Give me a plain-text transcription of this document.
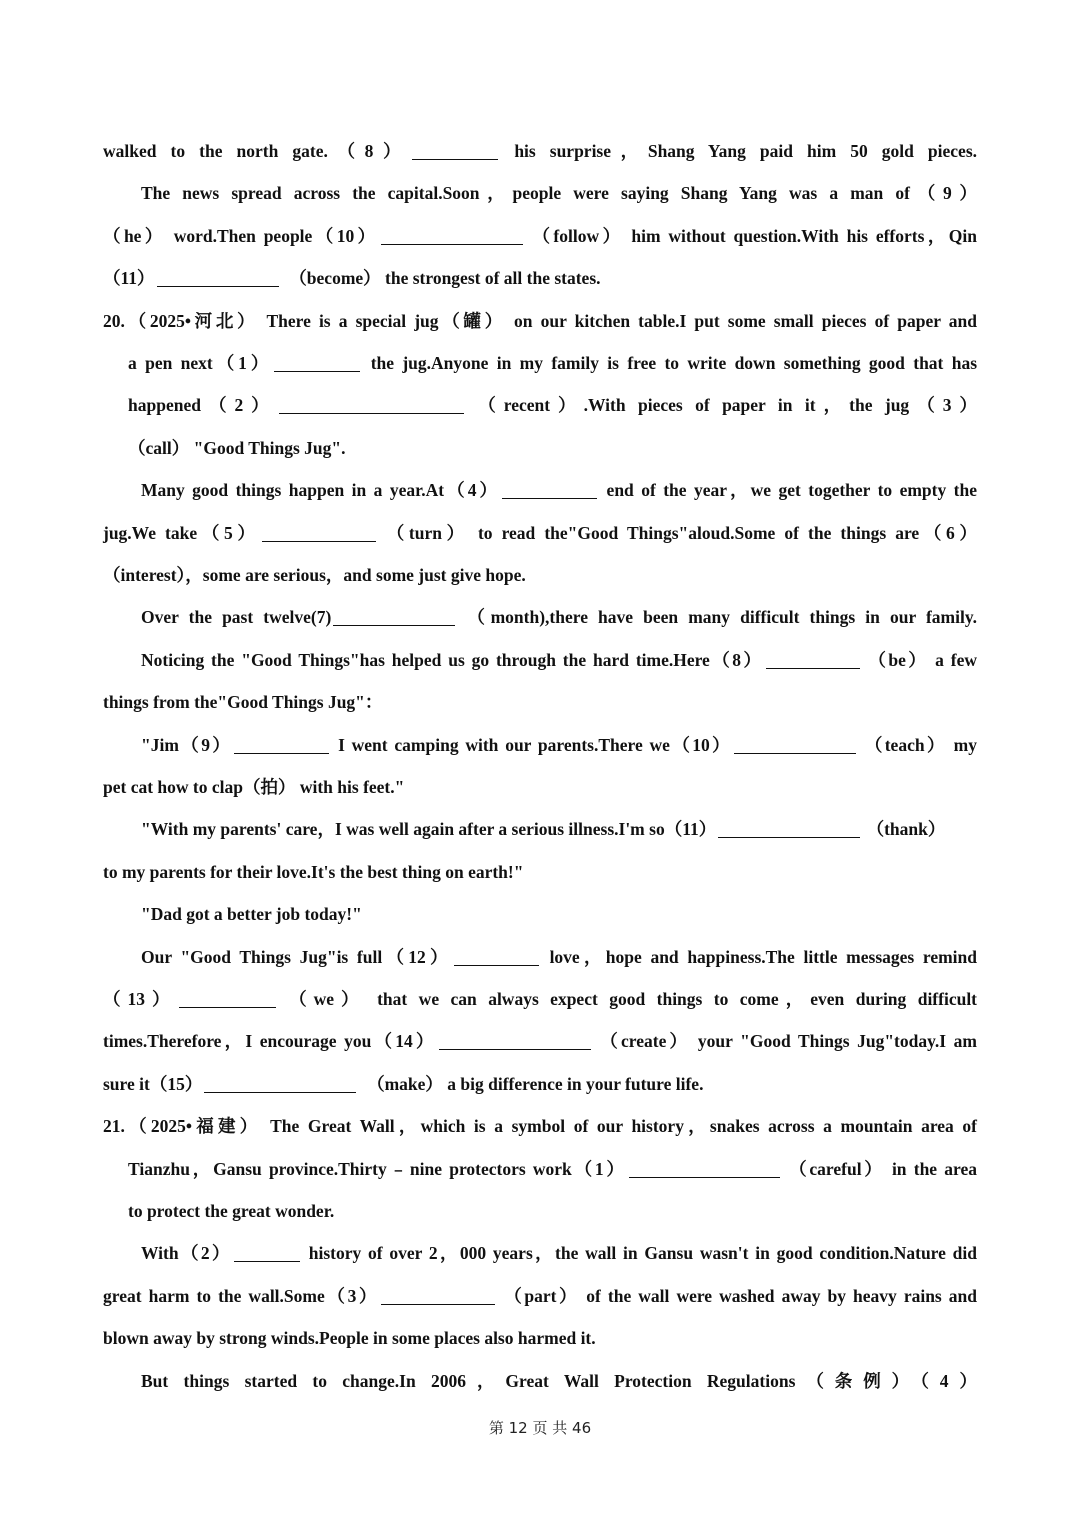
walked to the north gate.（8）	his surprise，Shang Yang paid him 50 gold pieces.
The news spread across the capital.Soon，people were saying Shang Yang was a man of（9）
（he） word.Then people（10）	（follow） him without question.With his efforts，Qin
（11）	（become） the strongest of all the states.
20.（2025•河北） There is a special jug（罐） on our kitchen table.I put some small pieces of paper and
a pen next（1）	the jug.Anyone in my family is free to write down something good that has
happened（2）	（recent）.With pieces of paper in it，the jug（3）
（call） "Good Things Jug".
Many good things happen in a year.At（4）	end of the year，we get together to empty the
jug.We take（5）	（turn） to read the"Good Things"aloud.Some of the things are（6）
（interest），some are serious，and some just give hope.
Over the past twelve(7)	（month),there have been many difficult things in our family.
Noticing the "Good Things"has helped us go through the hard time.Here（8）	（be） a few
things from the"Good Things Jug"：
"Jim（9）	I went camping with our parents.There we（10）	（teach） my
pet cat how to clap（拍） with his feet."
"With my parents' care，I was well again after a serious illness.I'm so（11）	（thank）
to my parents for their love.It's the best thing on earth!"
"Dad got a better job today!"
Our "Good Things Jug"is full（12）	love，hope and happiness.The little messages remind
（13）	（we） that we can always expect good things to come，even during difficult
times.Therefore，I encourage you（14）	（create） your "Good Things Jug"today.I am
sure it（15）	（make） a big difference in your future life.
21.（2025•福建） The Great Wall，which is a symbol of our history，snakes across a mountain area of
Tianzhu，Gansu province.Thirty﹣nine protectors work（1）	（careful） in the area
to protect the great wonder.
With（2）	history of over 2，000 years，the wall in Gansu wasn't in good condition.Nature did
great harm to the wall.Some（3）	（part） of the wall were washed away by heavy rains and
blown away by strong winds.People in some places also harmed it.
But things started to change.In 2006，Great Wall Protection Regulations（条例）（4）
第 12 页 共 46
